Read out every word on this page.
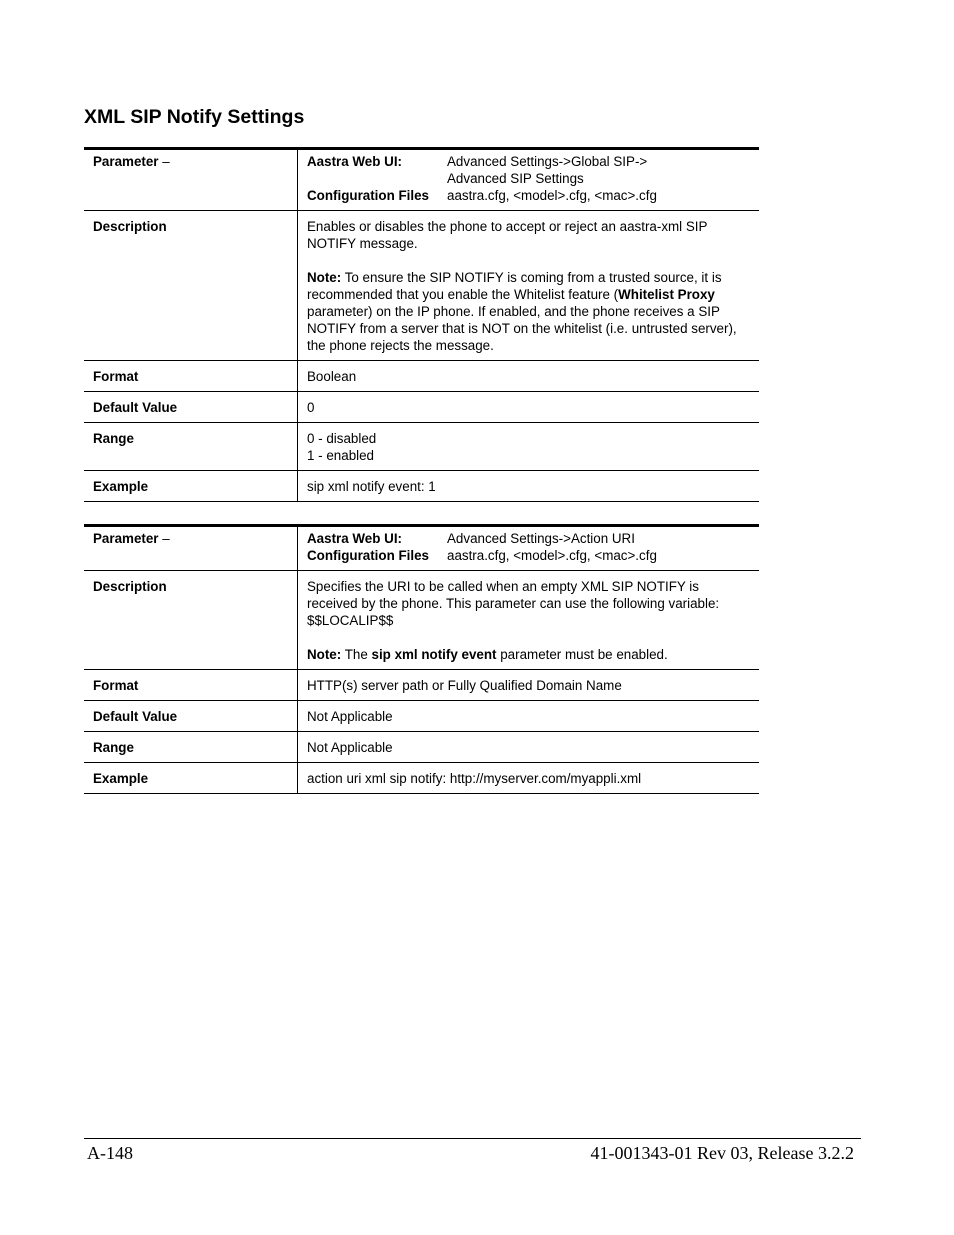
XML SIP Notify Settings
Parameter –	Aastra Web UI: Advanced Settings->Global SIP->
Advanced SIP Settings
Configuration Files aastra.cfg, <model>.cfg, <mac>.cfg

Description	Enables or disables the phone to accept or reject an aastra-xml SIP NOTIFY message.
Note: To ensure the SIP NOTIFY is coming from a trusted source, it is recommended that you enable the Whitelist feature (Whitelist Proxy parameter) on the IP phone. If enabled, and the phone receives a SIP NOTIFY from a server that is NOT on the whitelist (i.e. untrusted server), the phone rejects the message.

Format	Boolean
Default Value	0
Range	0 - disabled
1 - enabled

Example	sip xml notify event: 1
Parameter –	Aastra Web UI: Advanced Settings->Action URI
Configuration Files aastra.cfg, <model>.cfg, <mac>.cfg

Description	Specifies the URI to be called when an empty XML SIP NOTIFY is received by the phone. This parameter can use the following variable: $$LOCALIP$$
Note: The sip xml notify event parameter must be enabled.

Format	HTTP(s) server path or Fully Qualified Domain Name
Default Value	Not Applicable
Range	Not Applicable
Example	action uri xml sip notify: http://myserver.com/myappli.xml
A-148	41-001343-01 Rev 03, Release 3.2.2
